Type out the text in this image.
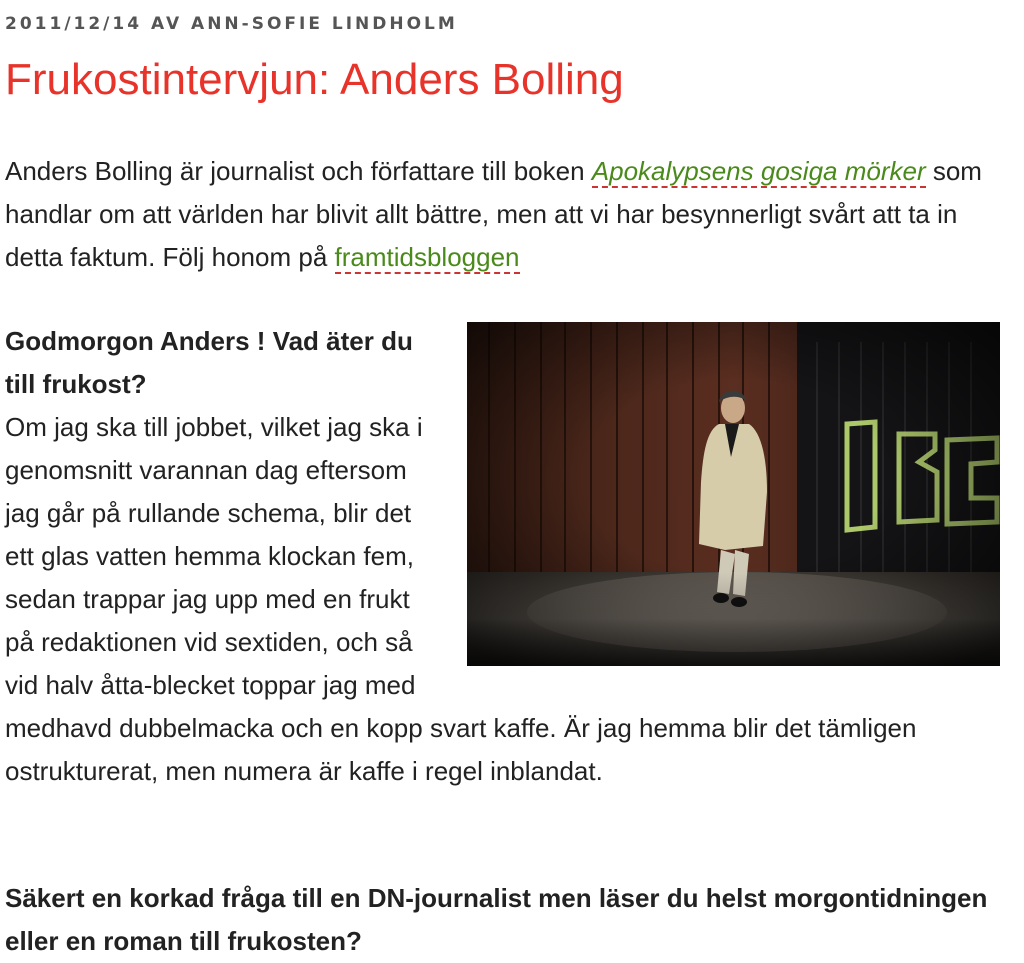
2011/12/14 AV ANN-SOFIE LINDHOLM
Frukostintervjun: Anders Bolling

Anders Bolling är journalist och författare till boken Apokalypsens gosiga mörker som handlar om att världen har blivit allt bättre, men att vi har besynnerligt svårt att ta in detta faktum. Följ honom på framtidsbloggen

Godmorgon Anders ! Vad äter du till frukost?
Om jag ska till jobbet, vilket jag ska i genomsnitt varannan dag eftersom jag går på rullande schema, blir det ett glas vatten hemma klockan fem, sedan trappar jag upp med en frukt på redaktionen vid sextiden, och så vid halv åtta-blecket toppar jag med medhavd dubbelmacka och en kopp svart kaffe. Är jag hemma blir det tämligen ostrukturerat, men numera är kaffe i regel inblandat.
Säkert en korkad fråga till en DN-journalist men läser du helst morgontidningen eller en roman till frukosten?
